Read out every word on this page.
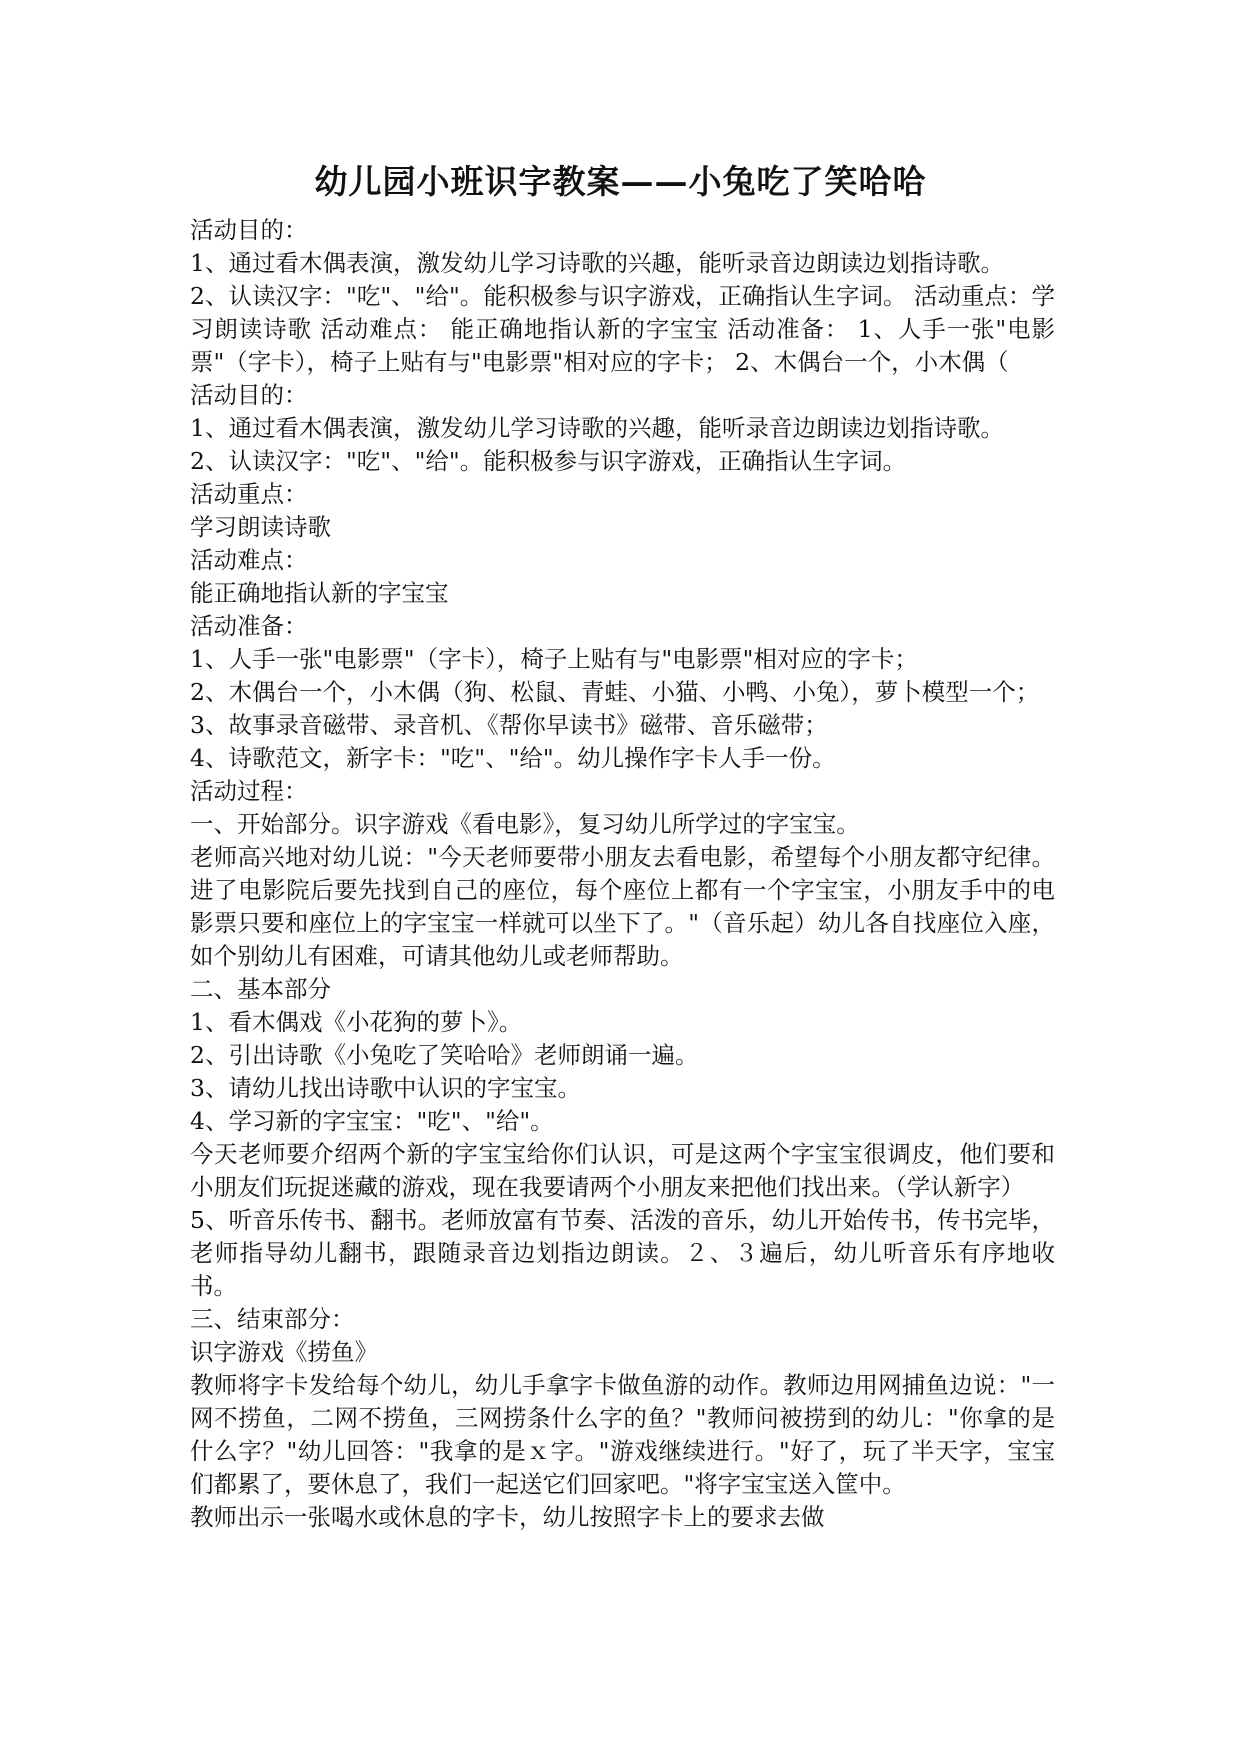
幼儿园小班识字教案——小兔吃了笑哈哈

活动目的：

1、通过看木偶表演，激发幼儿学习诗歌的兴趣，能听录音边朗读边划指诗歌。

2、认读汉字："吃"、"给"。能积极参与识字游戏，正确指认生字词。 活动重点：学习朗读诗歌 活动难点： 能正确地指认新的字宝宝 活动准备： 1、人手一张"电影票"（字卡），椅子上贴有与"电影票"相对应的字卡； 2、木偶台一个，小木偶（

活动目的：

1、通过看木偶表演，激发幼儿学习诗歌的兴趣，能听录音边朗读边划指诗歌。

2、认读汉字："吃"、"给"。能积极参与识字游戏，正确指认生字词。

活动重点：

学习朗读诗歌

活动难点：

能正确地指认新的字宝宝

活动准备：

1、人手一张"电影票"（字卡），椅子上贴有与"电影票"相对应的字卡；

2、木偶台一个，小木偶（狗、松鼠、青蛙、小猫、小鸭、小兔），萝卜模型一个；

3、故事录音磁带、录音机、《帮你早读书》磁带、音乐磁带；

4、诗歌范文，新字卡："吃"、"给"。幼儿操作字卡人手一份。

活动过程：

一、开始部分。识字游戏《看电影》，复习幼儿所学过的字宝宝。

老师高兴地对幼儿说："今天老师要带小朋友去看电影，希望每个小朋友都守纪律。进了电影院后要先找到自己的座位，每个座位上都有一个字宝宝，小朋友手中的电影票只要和座位上的字宝宝一样就可以坐下了。"（音乐起）幼儿各自找座位入座，如个别幼儿有困难，可请其他幼儿或老师帮助。

二、基本部分

1、看木偶戏《小花狗的萝卜》。

2、引出诗歌《小兔吃了笑哈哈》老师朗诵一遍。

3、请幼儿找出诗歌中认识的字宝宝。

4、学习新的字宝宝："吃"、"给"。

今天老师要介绍两个新的字宝宝给你们认识，可是这两个字宝宝很调皮，他们要和小朋友们玩捉迷藏的游戏，现在我要请两个小朋友来把他们找出来。（学认新字）

5、听音乐传书、翻书。老师放富有节奏、活泼的音乐，幼儿开始传书，传书完毕，老师指导幼儿翻书，跟随录音边划指边朗读。２、３遍后，幼儿听音乐有序地收书。

三、结束部分：

识字游戏《捞鱼》

教师将字卡发给每个幼儿，幼儿手拿字卡做鱼游的动作。教师边用网捕鱼边说："一网不捞鱼，二网不捞鱼，三网捞条什么字的鱼？"教师问被捞到的幼儿："你拿的是什么字？"幼儿回答："我拿的是ｘ字。"游戏继续进行。"好了，玩了半天字，宝宝们都累了，要休息了，我们一起送它们回家吧。"将字宝宝送入筐中。

教师出示一张喝水或休息的字卡，幼儿按照字卡上的要求去做
